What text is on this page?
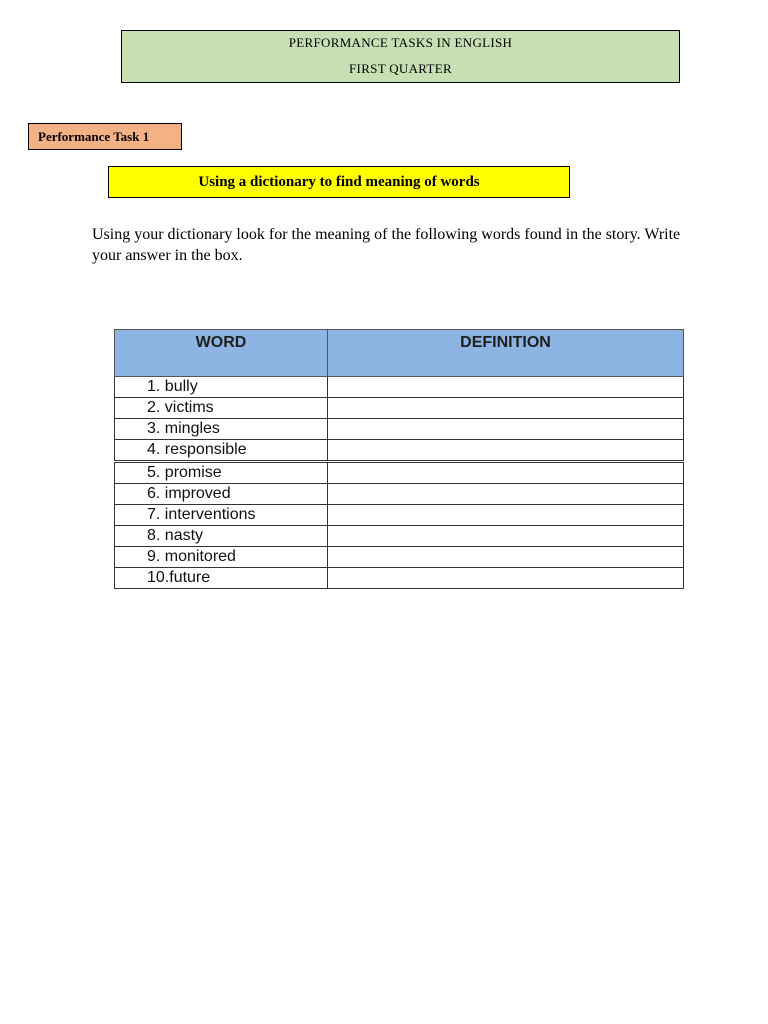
PERFORMANCE TASKS IN ENGLISH
FIRST QUARTER
Performance Task 1
Using a dictionary to find meaning of words
Using your dictionary look for the meaning of the following words found in the story. Write your answer in the box.
WORD	DEFINITION
1. bully	
2. victims	
3. mingles	
4. responsible	
5. promise	
6. improved	
7. interventions	
8. nasty	
9. monitored	
10.future	
